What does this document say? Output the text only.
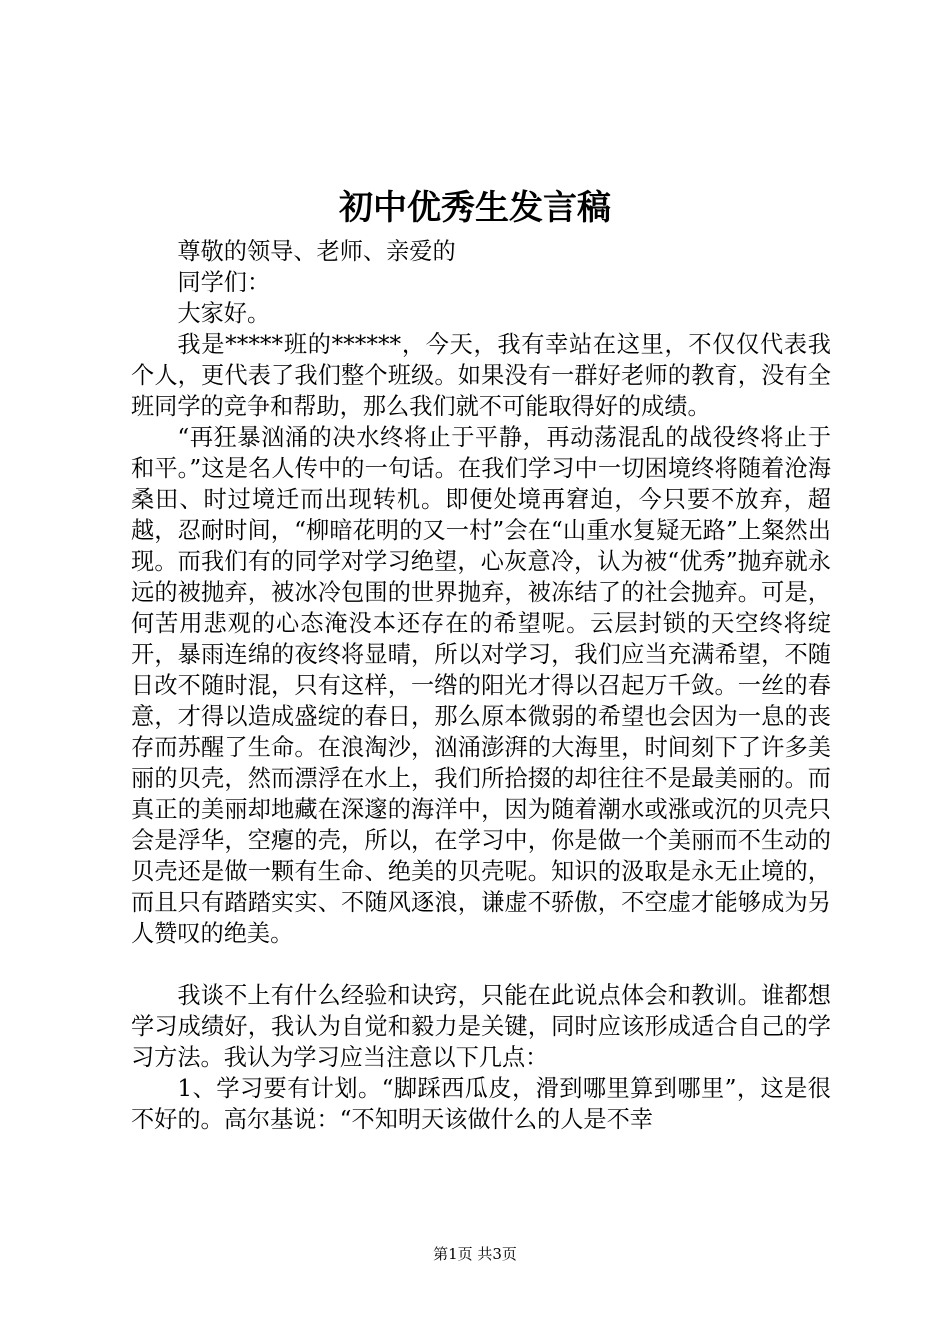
初中优秀生发言稿

尊敬的领导、老师、亲爱的

同学们：

大家好。

我是*****班的******，今天，我有幸站在这里，不仅仅代表我个人，更代表了我们整个班级。如果没有一群好老师的教育，没有全班同学的竞争和帮助，那么我们就不可能取得好的成绩。

“再狂暴汹涌的决水终将止于平静，再动荡混乱的战役终将止于和平。”这是名人传中的一句话。在我们学习中一切困境终将随着沧海桑田、时过境迁而出现转机。即便处境再窘迫，今只要不放弃，超越，忍耐时间，“柳暗花明的又一村”会在“山重水复疑无路”上粲然出现。而我们有的同学对学习绝望，心灰意冷，认为被“优秀”抛弃就永远的被抛弃，被冰冷包围的世界抛弃，被冻结了的社会抛弃。可是，何苦用悲观的心态淹没本还存在的希望呢。云层封锁的天空终将绽开，暴雨连绵的夜终将显晴，所以对学习，我们应当充满希望，不随日改不随时混，只有这样，一绺的阳光才得以召起万千敛。一丝的春意，才得以造成盛绽的春日，那么原本微弱的希望也会因为一息的丧存而苏醒了生命。在浪淘沙，汹涌澎湃的大海里，时间刻下了许多美丽的贝壳，然而漂浮在水上，我们所拾掇的却往往不是最美丽的。而真正的美丽却地藏在深邃的海洋中，因为随着潮水或涨或沉的贝壳只会是浮华，空瘪的壳，所以，在学习中，你是做一个美丽而不生动的贝壳还是做一颗有生命、绝美的贝壳呢。知识的汲取是永无止境的，而且只有踏踏实实、不随风逐浪，谦虚不骄傲，不空虚才能够成为另人赞叹的绝美。

我谈不上有什么经验和诀窍，只能在此说点体会和教训。谁都想学习成绩好，我认为自觉和毅力是关键，同时应该形成适合自己的学习方法。我认为学习应当注意以下几点：

1、学习要有计划。“脚踩西瓜皮，滑到哪里算到哪里”，这是很不好的。高尔基说：“不知明天该做什么的人是不幸

第1页 共3页
